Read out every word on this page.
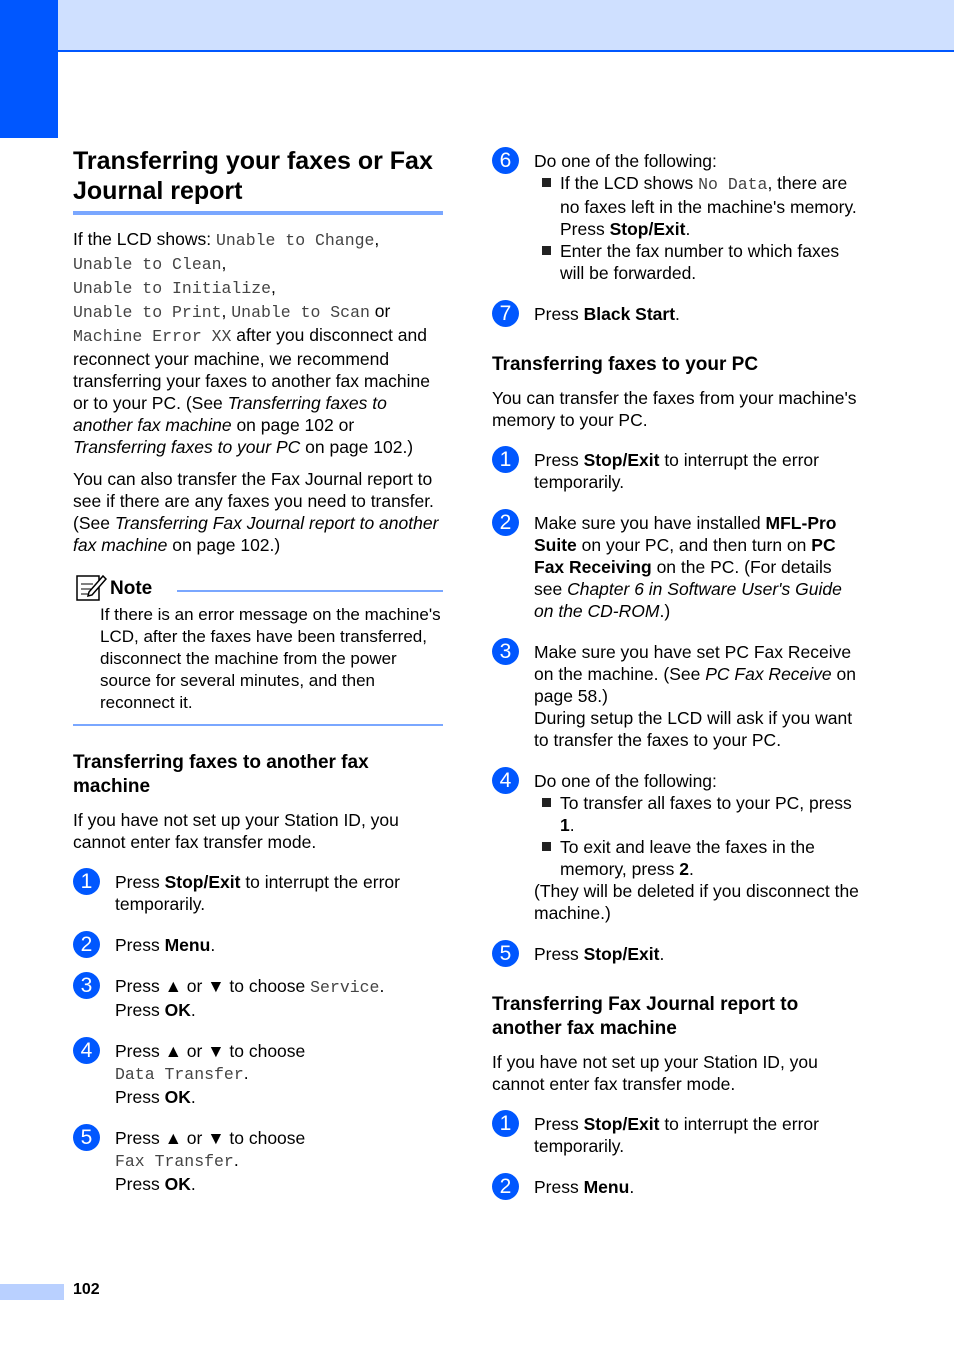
Transferring your faxes or Fax Journal report

If the LCD shows: Unable to Change,
Unable to Clean,
Unable to Initialize,
Unable to Print, Unable to Scan or
Machine Error XX after you disconnect and reconnect your machine, we recommend transferring your faxes to another fax machine or to your PC. (See Transferring faxes to another fax machine on page 102 or Transferring faxes to your PC on page 102.)

You can also transfer the Fax Journal report to see if there are any faxes you need to transfer. (See Transferring Fax Journal report to another fax machine on page 102.)

Note

If there is an error message on the machine's LCD, after the faxes have been transferred, disconnect the machine from the power source for several minutes, and then reconnect it.

Transferring faxes to another fax machine

If you have not set up your Station ID, you cannot enter fax transfer mode.

1	Press Stop/Exit to interrupt the error temporarily.
2	Press Menu.
3	Press ▲ or ▼ to choose Service.
Press OK.
4	Press ▲ or ▼ to choose
Data Transfer.
Press OK.
5	Press ▲ or ▼ to choose
Fax Transfer.
Press OK.
6	Do one of the following:
If the LCD shows No Data, there are no faxes left in the machine's memory.
Press Stop/Exit.
Enter the fax number to which faxes will be forwarded.
7	Press Black Start.
Transferring faxes to your PC

You can transfer the faxes from your machine's memory to your PC.

1	Press Stop/Exit to interrupt the error temporarily.
2	Make sure you have installed MFL-Pro Suite on your PC, and then turn on PC Fax Receiving on the PC. (For details see Chapter 6 in Software User's Guide on the CD-ROM.)
3	Make sure you have set PC Fax Receive on the machine. (See PC Fax Receive on page 58.)
During setup the LCD will ask if you want to transfer the faxes to your PC.
4	Do one of the following:
To transfer all faxes to your PC, press 1.
To exit and leave the faxes in the memory, press 2.
(They will be deleted if you disconnect the machine.)
5	Press Stop/Exit.
Transferring Fax Journal report to another fax machine

If you have not set up your Station ID, you cannot enter fax transfer mode.

1	Press Stop/Exit to interrupt the error temporarily.
2	Press Menu.
102
